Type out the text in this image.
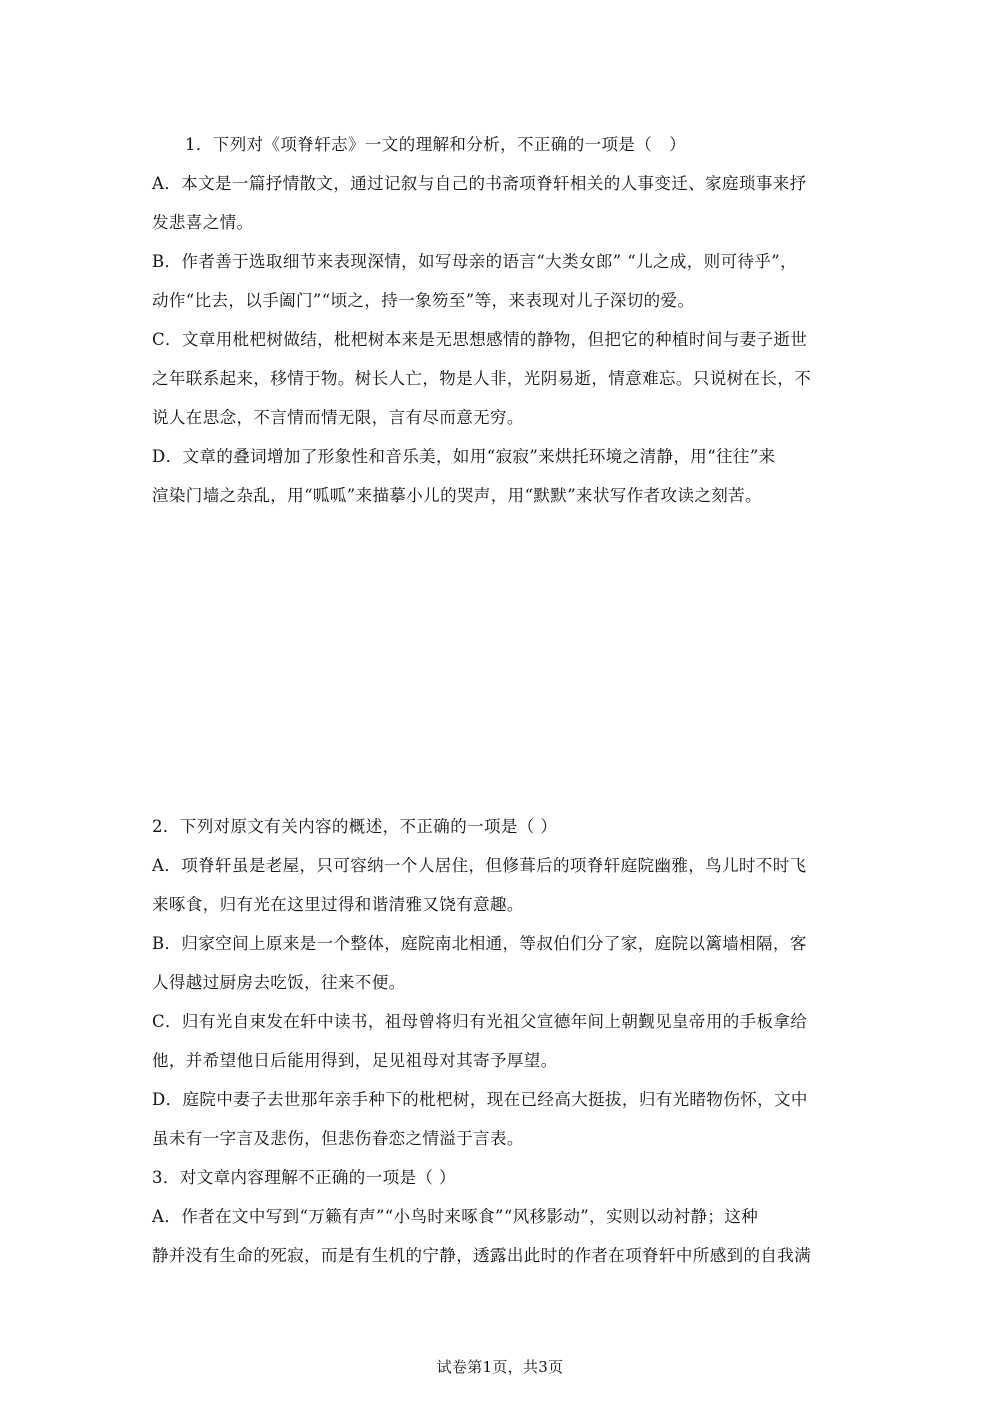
1．下列对《项脊轩志》一文的理解和分析，不正确的一项是（　）
A．本文是一篇抒情散文，通过记叙与自己的书斋项脊轩相关的人事变迁、家庭琐事来抒
发悲喜之情。
B．作者善于选取细节来表现深情，如写母亲的语言“大类女郎” “儿之成，则可待乎”，
动作“比去，以手阖门”“顷之，持一象笏至”等，来表现对儿子深切的爱。
C．文章用枇杷树做结，枇杷树本来是无思想感情的静物，但把它的种植时间与妻子逝世
之年联系起来，移情于物。树长人亡，物是人非，光阴易逝，情意难忘。只说树在长，不
说人在思念，不言情而情无限，言有尽而意无穷。
D．文章的叠词增加了形象性和音乐美，如用“寂寂”来烘托环境之清静，用“往往”来
渲染门墙之杂乱，用“呱呱”来描摹小儿的哭声，用“默默”来状写作者攻读之刻苦。
2．下列对原文有关内容的概述，不正确的一项是（ ）
A．项脊轩虽是老屋，只可容纳一个人居住，但修葺后的项脊轩庭院幽雅，鸟儿时不时飞
来啄食，归有光在这里过得和谐清雅又饶有意趣。
B．归家空间上原来是一个整体，庭院南北相通，等叔伯们分了家，庭院以篱墙相隔，客
人得越过厨房去吃饭，往来不便。
C．归有光自束发在轩中读书，祖母曾将归有光祖父宣德年间上朝觐见皇帝用的手板拿给
他，并希望他日后能用得到，足见祖母对其寄予厚望。
D．庭院中妻子去世那年亲手种下的枇杷树，现在已经高大挺拔，归有光睹物伤怀，文中
虽未有一字言及悲伤，但悲伤眷恋之情溢于言表。
3．对文章内容理解不正确的一项是（ ）
A．作者在文中写到“万籁有声”“小鸟时来啄食”“风移影动”，实则以动衬静；这种
静并没有生命的死寂，而是有生机的宁静，透露出此时的作者在项脊轩中所感到的自我满
试卷第1页，共3页
